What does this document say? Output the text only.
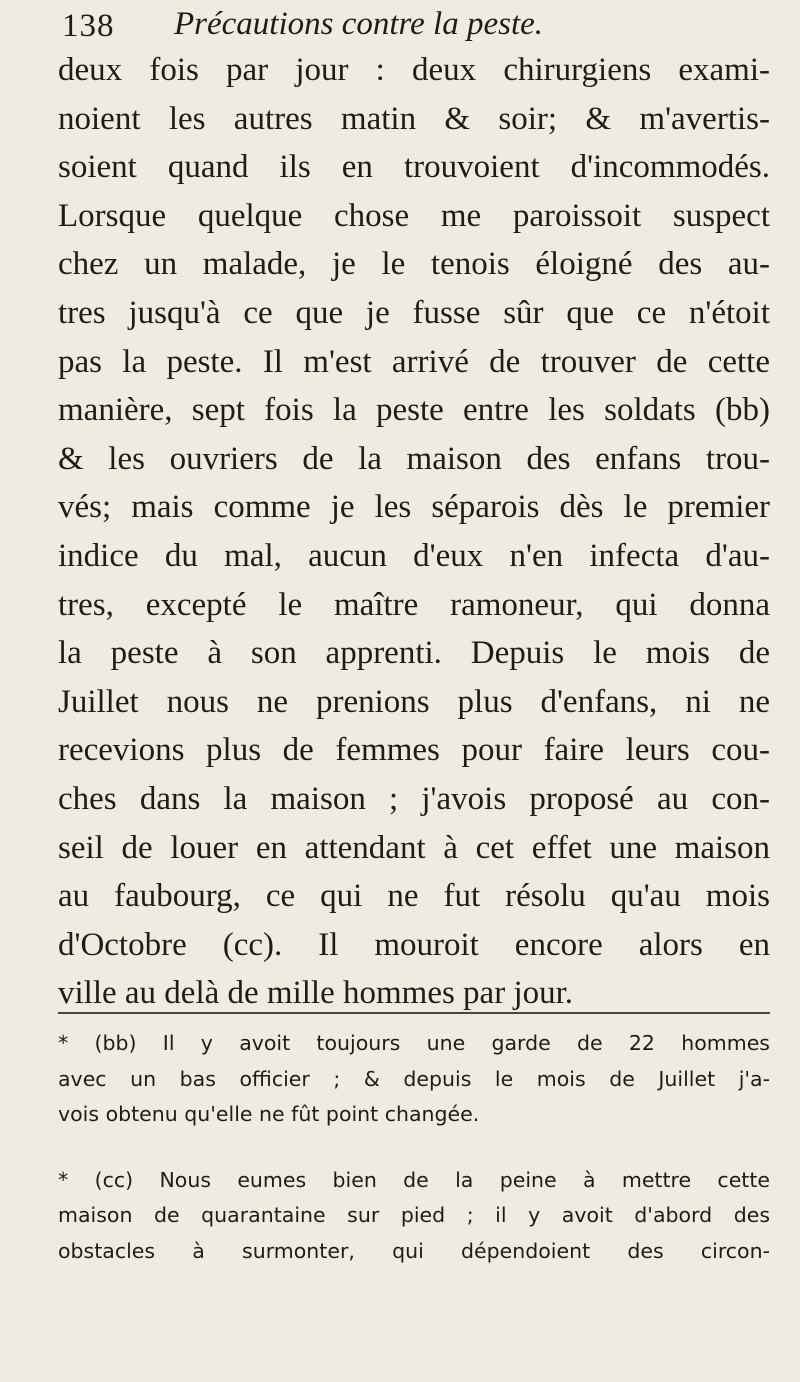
138 Précautions contre la peste.
deux fois par jour : deux chirurgiens exami-
noient les autres matin & soir; & m'avertis-
soient quand ils en trouvoient d'incommodés.
Lorsque quelque chose me paroissoit suspect
chez un malade, je le tenois éloigné des au-
tres jusqu'à ce que je fusse sûr que ce n'étoit
pas la peste. Il m'est arrivé de trouver de cette
manière, sept fois la peste entre les soldats (bb)
& les ouvriers de la maison des enfans trou-
vés; mais comme je les séparois dès le premier
indice du mal, aucun d'eux n'en infecta d'au-
tres, excepté le maître ramoneur, qui donna
la peste à son apprenti. Depuis le mois de
Juillet nous ne prenions plus d'enfans, ni ne
recevions plus de femmes pour faire leurs cou-
ches dans la maison ; j'avois proposé au con-
seil de louer en attendant à cet effet une maison
au faubourg, ce qui ne fut résolu qu'au mois
d'Octobre (cc). Il mouroit encore alors en
ville au delà de mille hommes par jour.
* (bb) Il y avoit toujours une garde de 22 hommes
avec un bas officier ; & depuis le mois de Juillet j'a-
vois obtenu qu'elle ne fût point changée.
* (cc) Nous eumes bien de la peine à mettre cette
maison de quarantaine sur pied ; il y avoit d'abord des
obstacles à surmonter, qui dépendoient des circon-
